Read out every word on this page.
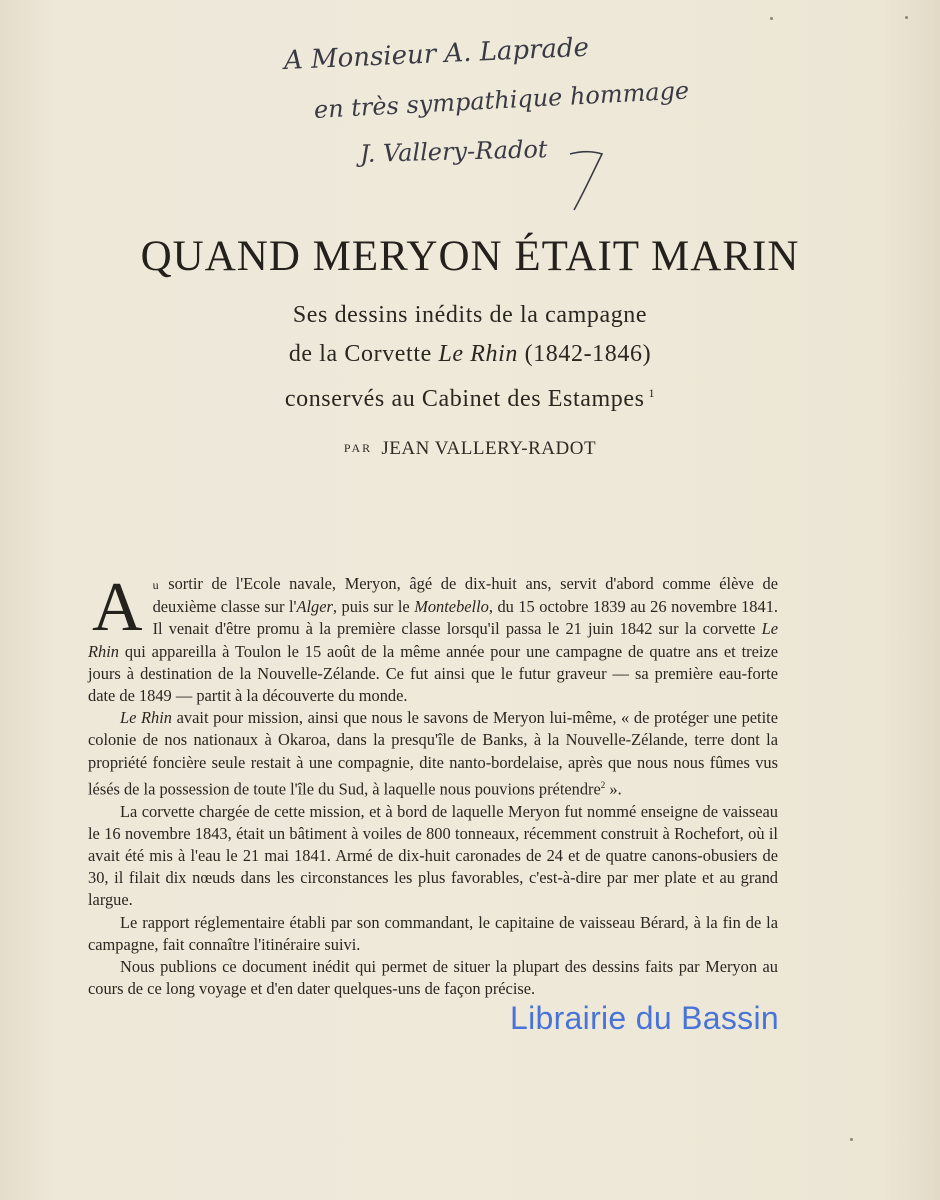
A Monsieur A. Laprade
en très sympathique hommage
J. Vallery-Radot
QUAND MERYON ÉTAIT MARIN
Ses dessins inédits de la campagne
de la Corvette Le Rhin (1842-1846)
conservés au Cabinet des Estampes $^1$
PAR JEAN VALLERY-RADOT

Au sortir de l'Ecole navale, Meryon, âgé de dix-huit ans, servit d'abord comme élève de deuxième classe sur l'Alger, puis sur le Montebello, du 15 octobre 1839 au 26 novembre 1841. Il venait d'être promu à la première classe lorsqu'il passa le 21 juin 1842 sur la corvette Le Rhin qui appareilla à Toulon le 15 août de la même année pour une campagne de quatre ans et treize jours à destination de la Nouvelle-Zélande. Ce fut ainsi que le futur graveur — sa première eau-forte date de 1849 — partit à la découverte du monde.

Le Rhin avait pour mission, ainsi que nous le savons de Meryon lui-même, « de protéger une petite colonie de nos nationaux à Okaroa, dans la presqu'île de Banks, à la Nouvelle-Zélande, terre dont la propriété foncière seule restait à une compagnie, dite nanto-bordelaise, après que nous nous fûmes vus lésés de la possession de toute l'île du Sud, à laquelle nous pouvions prétendre$^2$ ».

La corvette chargée de cette mission, et à bord de laquelle Meryon fut nommé enseigne de vaisseau le 16 novembre 1843, était un bâtiment à voiles de 800 tonneaux, récemment construit à Rochefort, où il avait été mis à l'eau le 21 mai 1841. Armé de dix-huit caronades de 24 et de quatre canons-obusiers de 30, il filait dix nœuds dans les circonstances les plus favorables, c'est-à-dire par mer plate et au grand largue.

Le rapport réglementaire établi par son commandant, le capitaine de vaisseau Bérard, à la fin de la campagne, fait connaître l'itinéraire suivi.

Nous publions ce document inédit qui permet de situer la plupart des dessins faits par Meryon au cours de ce long voyage et d'en dater quelques-uns de façon précise.

Librairie du Bassin
